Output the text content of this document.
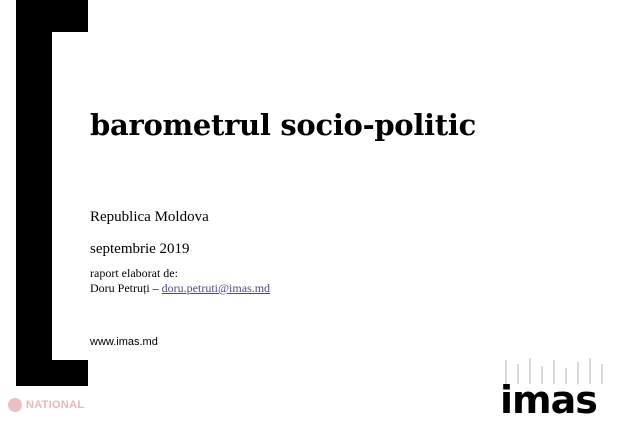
barometrul socio-politic
Republica Moldova
septembrie 2019
raport elaborat de:
Doru Petruți – doru.petruti@imas.md
www.imas.md
NATIONAL	imas
